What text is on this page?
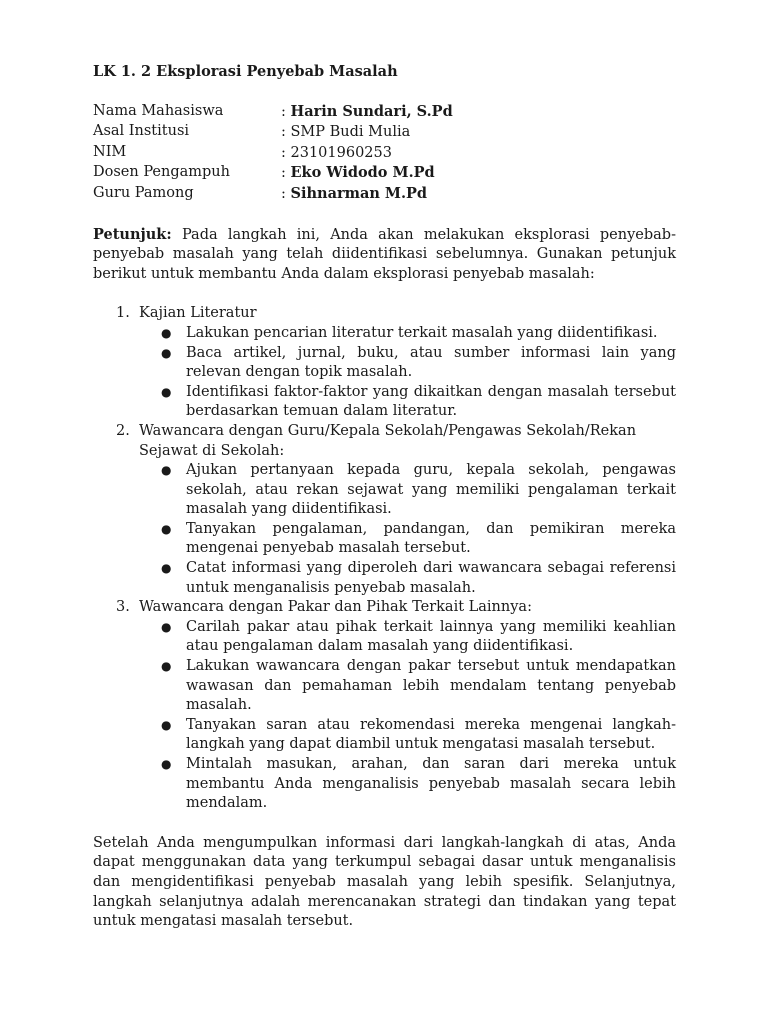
LK 1. 2 Eksplorasi Penyebab Masalah
Nama Mahasiswa	: Harin Sundari, S.Pd
Asal Institusi	: SMP Budi Mulia
NIM	: 23101960253
Dosen Pengampuh	: Eko Widodo M.Pd
Guru Pamong	: Sihnarman M.Pd

Petunjuk: Pada langkah ini, Anda akan melakukan eksplorasi penyebab-penyebab masalah yang telah diidentifikasi sebelumnya. Gunakan petunjuk berikut untuk membantu Anda dalam eksplorasi penyebab masalah:

1. Kajian Literatur
● Lakukan pencarian literatur terkait masalah yang diidentifikasi.
● Baca artikel, jurnal, buku, atau sumber informasi lain yang relevan dengan topik masalah.
● Identifikasi faktor-faktor yang dikaitkan dengan masalah tersebut berdasarkan temuan dalam literatur.
2. Wawancara dengan Guru/Kepala Sekolah/Pengawas Sekolah/Rekan Sejawat di Sekolah:
● Ajukan pertanyaan kepada guru, kepala sekolah, pengawas sekolah, atau rekan sejawat yang memiliki pengalaman terkait masalah yang diidentifikasi.
● Tanyakan pengalaman, pandangan, dan pemikiran mereka mengenai penyebab masalah tersebut.
● Catat informasi yang diperoleh dari wawancara sebagai referensi untuk menganalisis penyebab masalah.
3. Wawancara dengan Pakar dan Pihak Terkait Lainnya:
● Carilah pakar atau pihak terkait lainnya yang memiliki keahlian atau pengalaman dalam masalah yang diidentifikasi.
● Lakukan wawancara dengan pakar tersebut untuk mendapatkan wawasan dan pemahaman lebih mendalam tentang penyebab masalah.
● Tanyakan saran atau rekomendasi mereka mengenai langkah-langkah yang dapat diambil untuk mengatasi masalah tersebut.
● Mintalah masukan, arahan, dan saran dari mereka untuk membantu Anda menganalisis penyebab masalah secara lebih mendalam.

Setelah Anda mengumpulkan informasi dari langkah-langkah di atas, Anda dapat menggunakan data yang terkumpul sebagai dasar untuk menganalisis dan mengidentifikasi penyebab masalah yang lebih spesifik. Selanjutnya, langkah selanjutnya adalah merencanakan strategi dan tindakan yang tepat untuk mengatasi masalah tersebut.
